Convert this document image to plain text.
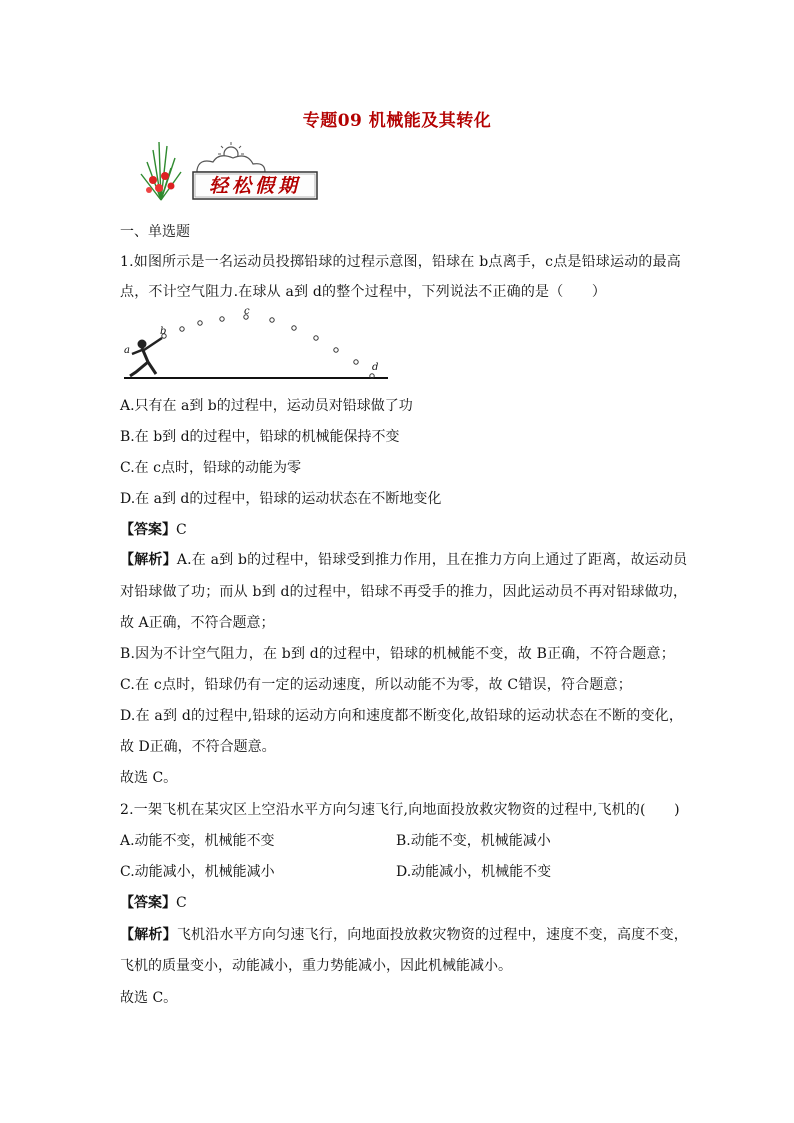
专题09 机械能及其转化
轻松假期
一、单选题
1.如图所示是一名运动员投掷铅球的过程示意图，铅球在 b点离手，c点是铅球运动的最高
点，不计空气阻力.在球从 a到 d的整个过程中，下列说法不正确的是（　　）
a
b
c
d
A.只有在 a到 b的过程中，运动员对铅球做了功
B.在 b到 d的过程中，铅球的机械能保持不变
C.在 c点时，铅球的动能为零
D.在 a到 d的过程中，铅球的运动状态在不断地变化
【答案】C
【解析】A.在 a到 b的过程中，铅球受到推力作用，且在推力方向上通过了距离，故运动员
对铅球做了功；而从 b到 d的过程中，铅球不再受手的推力，因此运动员不再对铅球做功，
故 A正确，不符合题意；
B.因为不计空气阻力，在 b到 d的过程中，铅球的机械能不变，故 B正确，不符合题意；
C.在 c点时，铅球仍有一定的运动速度，所以动能不为零，故 C错误，符合题意；
D.在 a到 d的过程中,铅球的运动方向和速度都不断变化,故铅球的运动状态在不断的变化，
故 D正确，不符合题意。
故选 C。
2.一架飞机在某灾区上空沿水平方向匀速飞行,向地面投放救灾物资的过程中,飞机的(　　)
A.动能不变，机械能不变	B.动能不变，机械能减小
C.动能减小，机械能减小	D.动能减小，机械能不变
【答案】C
【解析】飞机沿水平方向匀速飞行，向地面投放救灾物资的过程中，速度不变，高度不变，
飞机的质量变小，动能减小，重力势能减小，因此机械能减小。
故选 C。
